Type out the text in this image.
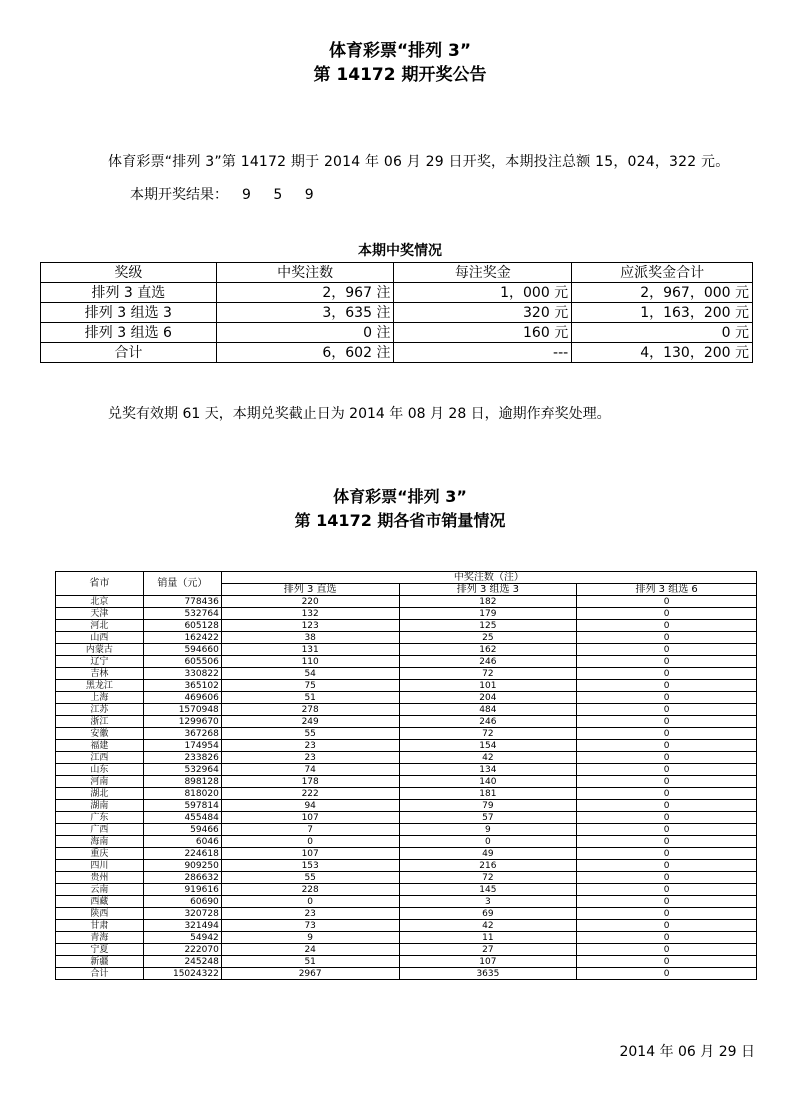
体育彩票“排列 3”
第 14172 期开奖公告
体育彩票“排列 3”第 14172 期于 2014 年 06 月 29 日开奖，本期投注总额 15，024，322 元。
本期开奖结果： 9 5 9
本期中奖情况
奖级	中奖注数	每注奖金	应派奖金合计
排列 3 直选	2，967 注	1，000 元	2，967，000 元
排列 3 组选 3	3，635 注	320 元	1，163，200 元
排列 3 组选 6	0 注	160 元	0 元
合计	6，602 注	---	4，130，200 元
兑奖有效期 61 天，本期兑奖截止日为 2014 年 08 月 28 日，逾期作弃奖处理。
体育彩票“排列 3”
第 14172 期各省市销量情况
省市	销量（元）	中奖注数（注）		
		排列 3 直选	排列 3 组选 3	排列 3 组选 6
北京	778436	220	182	0
天津	532764	132	179	0
河北	605128	123	125	0
山西	162422	38	25	0
内蒙古	594660	131	162	0
辽宁	605506	110	246	0
吉林	330822	54	72	0
黑龙江	365102	75	101	0
上海	469606	51	204	0
江苏	1570948	278	484	0
浙江	1299670	249	246	0
安徽	367268	55	72	0
福建	174954	23	154	0
江西	233826	23	42	0
山东	532964	74	134	0
河南	898128	178	140	0
湖北	818020	222	181	0
湖南	597814	94	79	0
广东	455484	107	57	0
广西	59466	7	9	0
海南	6046	0	0	0
重庆	224618	107	49	0
四川	909250	153	216	0
贵州	286632	55	72	0
云南	919616	228	145	0
西藏	60690	0	3	0
陕西	320728	23	69	0
甘肃	321494	73	42	0
青海	54942	9	11	0
宁夏	222070	24	27	0
新疆	245248	51	107	0
合计	15024322	2967	3635	0
2014 年 06 月 29 日
